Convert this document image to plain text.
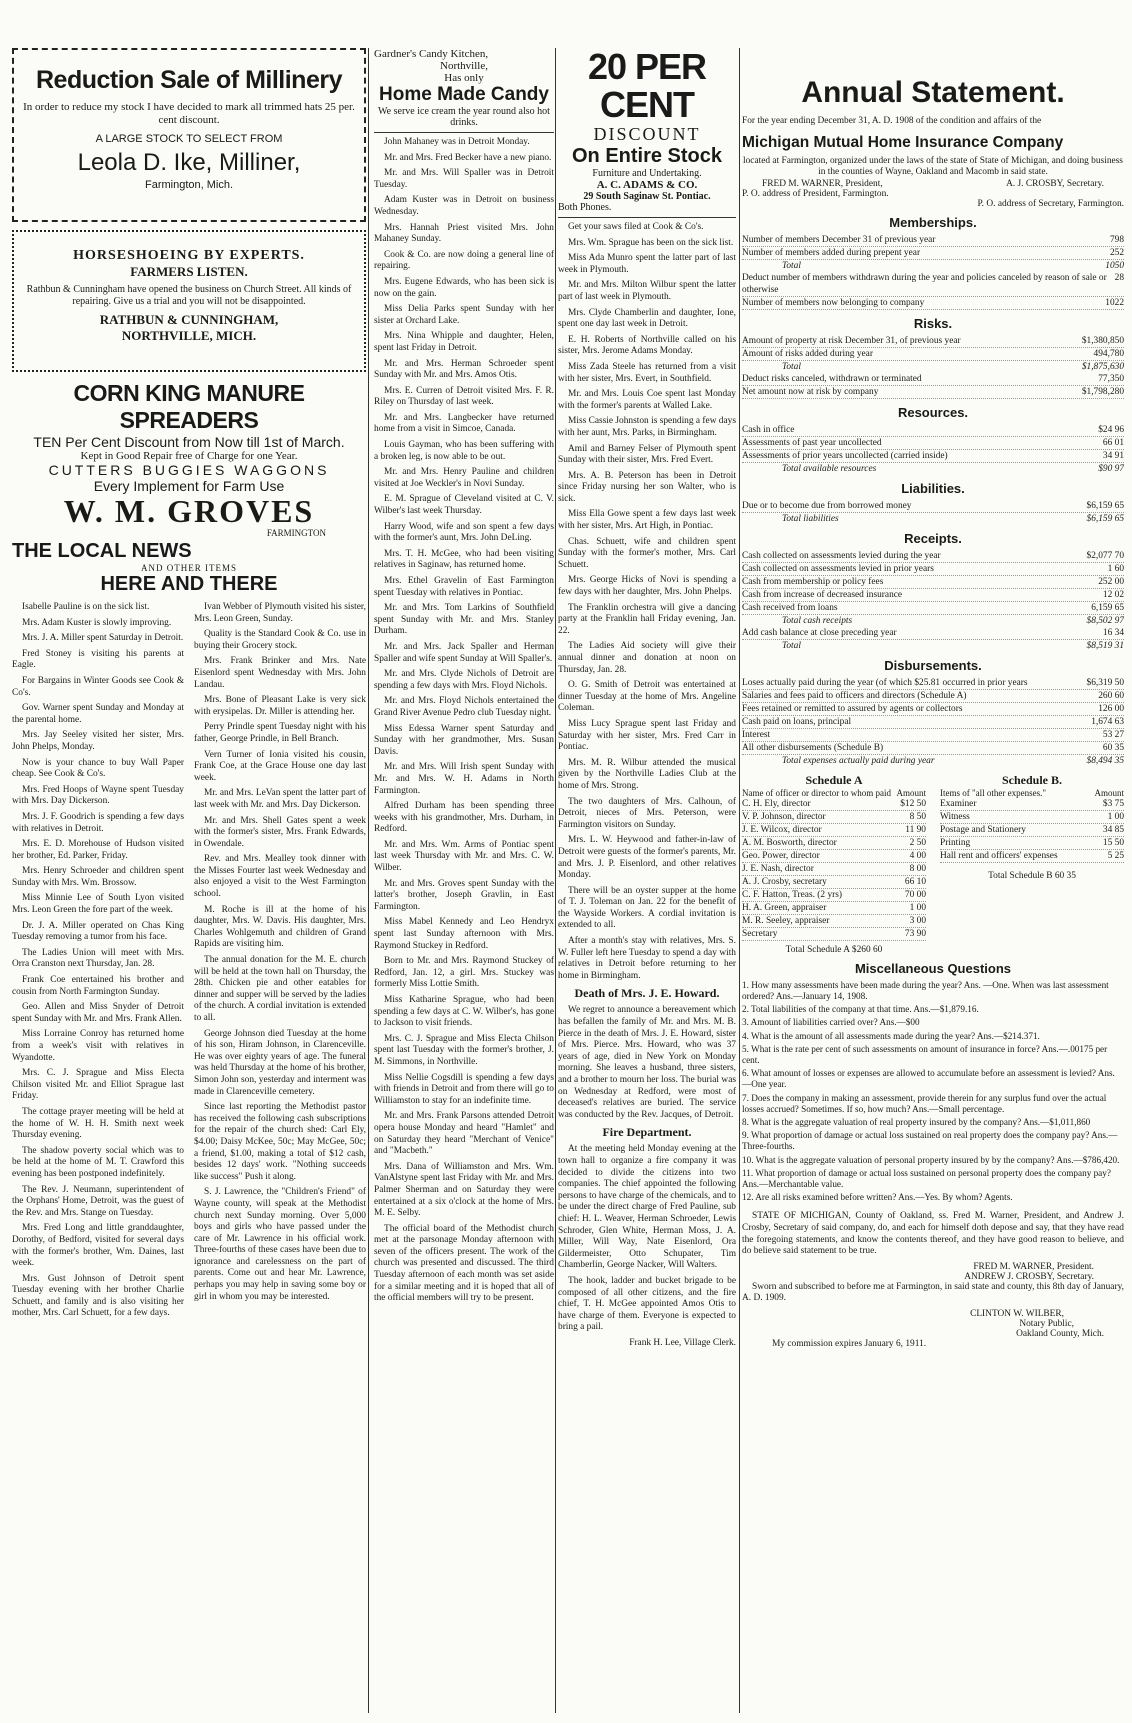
Reduction Sale of Millinery
In order to reduce my stock I have decided to mark all trimmed hats 25 per. cent discount.
A LARGE STOCK TO SELECT FROM
Leola D. Ike, Milliner,
Farmington, Mich.
HORSESHOEING BY EXPERTS.
FARMERS LISTEN.
Rathbun & Cunningham have opened the business on Church Street. All kinds of repairing. Give us a trial and you will not be disappointed.
RATHBUN & CUNNINGHAM,
NORTHVILLE, MICH.
CORN KING MANURE SPREADERS
TEN Per Cent Discount from Now till 1st of March.
Kept in Good Repair free of Charge for one Year.
CUTTERS BUGGIES WAGGONS
Every Implement for Farm Use
W. M. GROVES
FARMINGTON
THE LOCAL NEWS
AND OTHER ITEMS
HERE AND THERE

Isabelle Pauline is on the sick list.

Mrs. Adam Kuster is slowly improving.

Mrs. J. A. Miller spent Saturday in Detroit.

Fred Stoney is visiting his parents at Eagle.

For Bargains in Winter Goods see Cook & Co's.

Gov. Warner spent Sunday and Monday at the parental home.

Mrs. Jay Seeley visited her sister, Mrs. John Phelps, Monday.

Now is your chance to buy Wall Paper cheap. See Cook & Co's.

Mrs. Fred Hoops of Wayne spent Tuesday with Mrs. Day Dickerson.

Mrs. J. F. Goodrich is spending a few days with relatives in Detroit.

Mrs. E. D. Morehouse of Hudson visited her brother, Ed. Parker, Friday.

Mrs. Henry Schroeder and children spent Sunday with Mrs. Wm. Brossow.

Miss Minnie Lee of South Lyon visited Mrs. Leon Green the fore part of the week.

Dr. J. A. Miller operated on Chas King Tuesday removing a tumor from his face.

The Ladies Union will meet with Mrs. Orra Cranston next Thursday, Jan. 28.

Frank Coe entertained his brother and cousin from North Farmington Sunday.

Geo. Allen and Miss Snyder of Detroit spent Sunday with Mr. and Mrs. Frank Allen.

Miss Lorraine Conroy has returned home from a week's visit with relatives in Wyandotte.

Mrs. C. J. Sprague and Miss Electa Chilson visited Mr. and Elliot Sprague last Friday.

The cottage prayer meeting will be held at the home of W. H. H. Smith next week Thursday evening.

The shadow poverty social which was to be held at the home of M. T. Crawford this evening has been postponed indefinitely.

The Rev. J. Neumann, superintendent of the Orphans' Home, Detroit, was the guest of the Rev. and Mrs. Stange on Tuesday.

Mrs. Fred Long and little granddaughter, Dorothy, of Bedford, visited for several days with the former's brother, Wm. Daines, last week.

Mrs. Gust Johnson of Detroit spent Tuesday evening with her brother Charlie Schuett, and family and is also visiting her mother, Mrs. Carl Schuett, for a few days.

Ivan Webber of Plymouth visited his sister, Mrs. Leon Green, Sunday.

Quality is the Standard Cook & Co. use in buying their Grocery stock.

Mrs. Frank Brinker and Mrs. Nate Eisenlord spent Wednesday with Mrs. John Landau.

Mrs. Bone of Pleasant Lake is very sick with erysipelas. Dr. Miller is attending her.

Perry Prindle spent Tuesday night with his father, George Prindle, in Bell Branch.

Vern Turner of Ionia visited his cousin, Frank Coe, at the Grace House one day last week.

Mr. and Mrs. LeVan spent the latter part of last week with Mr. and Mrs. Day Dickerson.

Mr. and Mrs. Shell Gates spent a week with the former's sister, Mrs. Frank Edwards, in Owendale.

Rev. and Mrs. Mealley took dinner with the Misses Fourter last week Wednesday and also enjoyed a visit to the West Farmington school.

M. Roche is ill at the home of his daughter, Mrs. W. Davis. His daughter, Mrs. Charles Wohlgemuth and children of Grand Rapids are visiting him.

The annual donation for the M. E. church will be held at the town hall on Thursday, the 28th. Chicken pie and other eatables for dinner and supper will be served by the ladies of the church. A cordial invitation is extended to all.

George Johnson died Tuesday at the home of his son, Hiram Johnson, in Clarenceville. He was over eighty years of age. The funeral was held Thursday at the home of his brother, Simon John son, yesterday and interment was made in Clarenceville cemetery.

Since last reporting the Methodist pastor has received the following cash subscriptions for the repair of the church shed: Carl Ely, $4.00; Daisy McKee, 50c; May McGee, 50c; a friend, $1.00, making a total of $12 cash, besides 12 days' work. "Nothing succeeds like success" Push it along.

S. J. Lawrence, the "Children's Friend" of Wayne county, will speak at the Methodist church next Sunday morning. Over 5,000 boys and girls who have passed under the care of Mr. Lawrence in his official work. Three-fourths of these cases have been due to ignorance and carelessness on the part of parents. Come out and hear Mr. Lawrence, perhaps you may help in saving some boy or girl in whom you may be interested.

Gardner's Candy Kitchen,
Northville,
Has only
Home Made Candy
We serve ice cream the year round also hot drinks.

John Mahaney was in Detroit Monday.

Mr. and Mrs. Fred Becker have a new piano.

Mr. and Mrs. Will Spaller was in Detroit Tuesday.

Adam Kuster was in Detroit on business Wednesday.

Mrs. Hannah Priest visited Mrs. John Mahaney Sunday.

Cook & Co. are now doing a general line of repairing.

Mrs. Eugene Edwards, who has been sick is now on the gain.

Miss Delia Parks spent Sunday with her sister at Orchard Lake.

Mrs. Nina Whipple and daughter, Helen, spent last Friday in Detroit.

Mr. and Mrs. Herman Schroeder spent Sunday with Mr. and Mrs. Amos Otis.

Mrs. E. Curren of Detroit visited Mrs. F. R. Riley on Thursday of last week.

Mr. and Mrs. Langbecker have returned home from a visit in Simcoe, Canada.

Louis Gayman, who has been suffering with a broken leg, is now able to be out.

Mr. and Mrs. Henry Pauline and children visited at Joe Weckler's in Novi Sunday.

E. M. Sprague of Cleveland visited at C. V. Wilber's last week Thursday.

Harry Wood, wife and son spent a few days with the former's aunt, Mrs. John DeLing.

Mrs. T. H. McGee, who had been visiting relatives in Saginaw, has returned home.

Mrs. Ethel Gravelin of East Farmington spent Tuesday with relatives in Pontiac.

Mr. and Mrs. Tom Larkins of Southfield spent Sunday with Mr. and Mrs. Stanley Durham.

Mr. and Mrs. Jack Spaller and Herman Spaller and wife spent Sunday at Will Spaller's.

Mr. and Mrs. Clyde Nichols of Detroit are spending a few days with Mrs. Floyd Nichols.

Mr. and Mrs. Floyd Nichols entertained the Grand River Avenue Pedro club Tuesday night.

Miss Edessa Warner spent Saturday and Sunday with her grandmother, Mrs. Susan Davis.

Mr. and Mrs. Will Irish spent Sunday with Mr. and Mrs. W. H. Adams in North Farmington.

Alfred Durham has been spending three weeks with his grandmother, Mrs. Durham, in Redford.

Mr. and Mrs. Wm. Arms of Pontiac spent last week Thursday with Mr. and Mrs. C. W. Wilber.

Mr. and Mrs. Groves spent Sunday with the latter's brother, Joseph Gravlin, in East Farmington.

Miss Mabel Kennedy and Leo Hendryx spent last Sunday afternoon with Mrs. Raymond Stuckey in Redford.

Born to Mr. and Mrs. Raymond Stuckey of Redford, Jan. 12, a girl. Mrs. Stuckey was formerly Miss Lottie Smith.

Miss Katharine Sprague, who had been spending a few days at C. W. Wilber's, has gone to Jackson to visit friends.

Mrs. C. J. Sprague and Miss Electa Chilson spent last Tuesday with the former's brother, J. M. Simmons, in Northville.

Miss Nellie Cogsdill is spending a few days with friends in Detroit and from there will go to Williamston to stay for an indefinite time.

Mr. and Mrs. Frank Parsons attended Detroit opera house Monday and heard "Hamlet" and on Saturday they heard "Merchant of Venice" and "Macbeth."

Mrs. Dana of Williamston and Mrs. Wm. VanAlstyne spent last Friday with Mr. and Mrs. Palmer Sherman and on Saturday they were entertained at a six o'clock at the home of Mrs. M. E. Selby.

The official board of the Methodist church met at the parsonage Monday afternoon with seven of the officers present. The work of the church was presented and discussed. The third Tuesday afternoon of each month was set aside for a similar meeting and it is hoped that all of the official members will try to be present.

20 PER CENT
DISCOUNT
On Entire Stock
Furniture and Undertaking.
A. C. ADAMS & CO.
29 South Saginaw St. Pontiac.
Both Phones.

Get your saws filed at Cook & Co's.

Mrs. Wm. Sprague has been on the sick list.

Miss Ada Munro spent the latter part of last week in Plymouth.

Mr. and Mrs. Milton Wilbur spent the latter part of last week in Plymouth.

Mrs. Clyde Chamberlin and daughter, Ione, spent one day last week in Detroit.

E. H. Roberts of Northville called on his sister, Mrs. Jerome Adams Monday.

Miss Zada Steele has returned from a visit with her sister, Mrs. Evert, in Southfield.

Mr. and Mrs. Louis Coe spent last Monday with the former's parents at Walled Lake.

Miss Cassie Johnston is spending a few days with her aunt, Mrs. Parks, in Birmingham.

Amil and Barney Felser of Plymouth spent Sunday with their sister, Mrs. Fred Evert.

Mrs. A. B. Peterson has been in Detroit since Friday nursing her son Walter, who is sick.

Miss Ella Gowe spent a few days last week with her sister, Mrs. Art High, in Pontiac.

Chas. Schuett, wife and children spent Sunday with the former's mother, Mrs. Carl Schuett.

Mrs. George Hicks of Novi is spending a few days with her daughter, Mrs. John Phelps.

The Franklin orchestra will give a dancing party at the Franklin hall Friday evening, Jan. 22.

The Ladies Aid society will give their annual dinner and donation at noon on Thursday, Jan. 28.

O. G. Smith of Detroit was entertained at dinner Tuesday at the home of Mrs. Angeline Coleman.

Miss Lucy Sprague spent last Friday and Saturday with her sister, Mrs. Fred Carr in Pontiac.

Mrs. M. R. Wilbur attended the musical given by the Northville Ladies Club at the home of Mrs. Strong.

The two daughters of Mrs. Calhoun, of Detroit, nieces of Mrs. Peterson, were Farmington visitors on Sunday.

Mrs. L. W. Heywood and father-in-law of Detroit were guests of the former's parents, Mr. and Mrs. J. P. Eisenlord, and other relatives Monday.

There will be an oyster supper at the home of T. J. Toleman on Jan. 22 for the benefit of the Wayside Workers. A cordial invitation is extended to all.

After a month's stay with relatives, Mrs. S. W. Fuller left here Tuesday to spend a day with relatives in Detroit before returning to her home in Birmingham.

Death of Mrs. J. E. Howard.

We regret to announce a bereavement which has befallen the family of Mr. and Mrs. M. B. Pierce in the death of Mrs. J. E. Howard, sister of Mrs. Pierce. Mrs. Howard, who was 37 years of age, died in New York on Monday morning. She leaves a husband, three sisters, and a brother to mourn her loss. The burial was on Wednesday at Redford, were most of deceased's relatives are buried. The service was conducted by the Rev. Jacques, of Detroit.

Fire Department.

At the meeting held Monday evening at the town hall to organize a fire company it was decided to divide the citizens into two companies. The chief appointed the following persons to have charge of the chemicals, and to be under the direct charge of Fred Pauline, sub chief: H. L. Weaver, Herman Schroeder, Lewis Schroder, Glen White, Herman Moss, J. A. Miller, Will Way, Nate Eisenlord, Ora Gildermeister, Otto Schupater, Tim Chamberlin, George Nacker, Will Walters.

The hook, ladder and bucket brigade to be composed of all other citizens, and the fire chief, T. H. McGee appointed Amos Otis to have charge of them. Everyone is expected to bring a pail.

Frank H. Lee, Village Clerk.
Annual Statement.
For the year ending December 31, A. D. 1908 of the condition and affairs of the
Michigan Mutual Home Insurance Company
located at Farmington, organized under the laws of the state of State of Michigan, and doing business in the counties of Wayne, Oakland and Macomb in said state.
FRED M. WARNER, President,	A. J. CROSBY, Secretary.
P. O. address of President, Farmington.
P. O. address of Secretary, Farmington.
Memberships.
Number of members December 31 of previous year	798
Number of members added during prepent year	252
Total	1050
Deduct number of members withdrawn during the year and policies canceled by reason of sale or otherwise
28
Number of members now belonging to company	1022
Risks.
Amount of property at risk December 31, of previous year	$1,380,850
Amount of risks added during year	494,780
Total	$1,875,630
Deduct risks canceled, withdrawn or terminated	77,350
Net amount now at risk by company	$1,798,280
Resources.
Cash in office	$24 96
Assessments of past year uncollected	66 01
Assessments of prior years uncollected (carried inside)	34 91
Total available resources	$90 97
Liabilities.
Due or to become due from borrowed money	$6,159 65
Total liabilities	$6,159 65
Receipts.
Cash collected on assessments levied during the year	$2,077 70
Cash collected on assessments levied in prior years	1 60
Cash from membership or policy fees	252 00
Cash from increase of decreased insurance	12 02
Cash received from loans	6,159 65
Total cash receipts	$8,502 97
Add cash balance at close preceding year	16 34
Total	$8,519 31
Disbursements.
Loses actually paid during the year (of which $25.81 occurred in prior years	$6,319 50
Salaries and fees paid to officers and directors (Schedule A)	260 60
Fees retained or remitted to assured by agents or collectors	126 00
Cash paid on loans, principal	1,674 63
Interest	53 27
All other disbursements (Schedule B)	60 35
Total expenses actually paid during year	$8,494 35
Schedule A
Name of officer or director to whom paid Amount
C. H. Ely, director	$12 50
V. P. Johnson, director	8 50
J. E. Wilcox, director	11 90
A. M. Bosworth, director	2 50
Geo. Power, director	4 00
J. E. Nash, director	8 00
A. J. Crosby, secretary	66 10
C. F. Hatton, Treas. (2 yrs)	70 00
H. A. Green, appraiser	1 00
M. R. Seeley, appraiser	3 00
Secretary	73 90
Total Schedule A $260 60
Schedule B.
Items of "all other expenses."	Amount
Examiner	$3 75
Witness	1 00
Postage and Stationery	34 85
Printing	15 50
Hall rent and officers' expenses	5 25
Total Schedule B 60 35
Miscellaneous Questions

1. How many assessments have been made during the year? Ans. —One. When was last assessment ordered? Ans.—January 14, 1908.

2. Total liabilities of the company at that time. Ans.—$1,879.16.

3. Amount of liabilities carried over? Ans.—$00

4. What is the amount of all assessments made during the year? Ans.—$214.371.

5. What is the rate per cent of such assessments on amount of insurance in force? Ans.—.00175 per cent.

6. What amount of losses or expenses are allowed to accumulate before an assessment is levied? Ans.—One year.

7. Does the company in making an assessment, provide therein for any surplus fund over the actual losses accrued? Sometimes. If so, how much? Ans.—Small percentage.

8. What is the aggregate valuation of real property insured by the company? Ans.—$1,011,860

9. What proportion of damage or actual loss sustained on real property does the company pay? Ans.—Three-fourths.

10. What is the aggregate valuation of personal property insured by by the company? Ans.—$786,420.

11. What proportion of damage or actual loss sustained on personal property does the company pay? Ans.—Merchantable value.

12. Are all risks examined before written? Ans.—Yes. By whom? Agents.

STATE OF MICHIGAN, County of Oakland, ss. Fred M. Warner, President, and Andrew J. Crosby, Secretary of said company, do, and each for himself doth depose and say, that they have read the foregoing statements, and know the contents thereof, and they have good reason to believe, and do believe said statement to be true.

FRED M. WARNER, President.
ANDREW J. CROSBY, Secretary.

Sworn and subscribed to before me at Farmington, in said state and county, this 8th day of January, A. D. 1909.

CLINTON W. WILBER,
Notary Public,
Oakland County, Mich.
My commission expires January 6, 1911.
